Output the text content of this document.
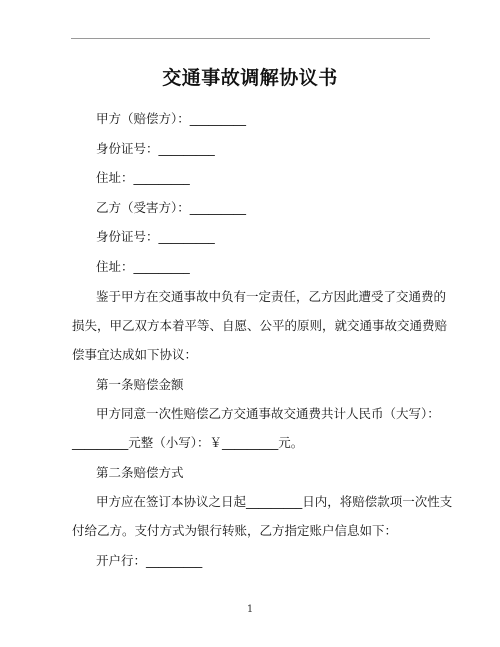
交通事故调解协议书
甲方（赔偿方）：_________
身份证号：_________
住址：_________
乙方（受害方）：_________
身份证号：_________
住址：_________
鉴于甲方在交通事故中负有一定责任，乙方因此遭受了交通费的
损失，甲乙双方本着平等、自愿、公平的原则，就交通事故交通费赔
偿事宜达成如下协议：
第一条赔偿金额
甲方同意一次性赔偿乙方交通事故交通费共计人民币（大写）：
_________元整（小写）：￥_________元。
第二条赔偿方式
甲方应在签订本协议之日起_________日内，将赔偿款项一次性支
付给乙方。支付方式为银行转账，乙方指定账户信息如下：
开户行：_________
1
